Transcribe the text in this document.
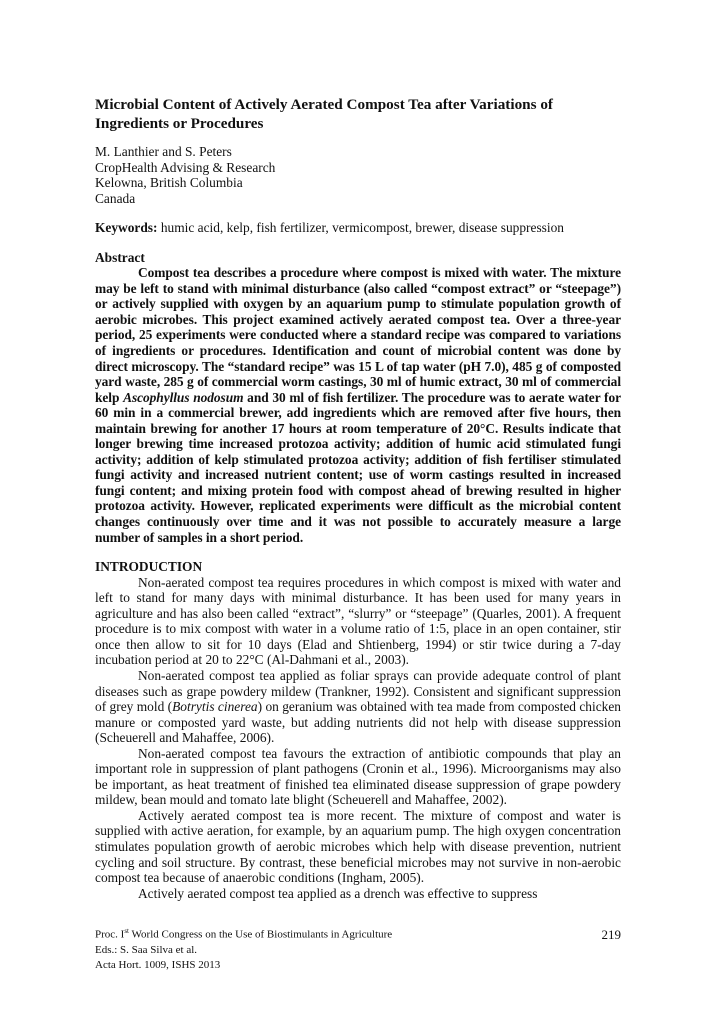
Microbial Content of Actively Aerated Compost Tea after Variations of Ingredients or Procedures

M. Lanthier and S. Peters

CropHealth Advising & Research

Kelowna, British Columbia

Canada

Keywords: humic acid, kelp, fish fertilizer, vermicompost, brewer, disease suppression

Abstract

Compost tea describes a procedure where compost is mixed with water. The mixture may be left to stand with minimal disturbance (also called “compost extract” or “steepage”) or actively supplied with oxygen by an aquarium pump to stimulate population growth of aerobic microbes. This project examined actively aerated compost tea. Over a three-year period, 25 experiments were conducted where a standard recipe was compared to variations of ingredients or procedures. Identification and count of microbial content was done by direct microscopy. The “standard recipe” was 15 L of tap water (pH 7.0), 485 g of composted yard waste, 285 g of commercial worm castings, 30 ml of humic extract, 30 ml of commercial kelp Ascophyllus nodosum and 30 ml of fish fertilizer. The procedure was to aerate water for 60 min in a commercial brewer, add ingredients which are removed after five hours, then maintain brewing for another 17 hours at room temperature of 20°C. Results indicate that longer brewing time increased protozoa activity; addition of humic acid stimulated fungi activity; addition of kelp stimulated protozoa activity; addition of fish fertiliser stimulated fungi activity and increased nutrient content; use of worm castings resulted in increased fungi content; and mixing protein food with compost ahead of brewing resulted in higher protozoa activity. However, replicated experiments were difficult as the microbial content changes continuously over time and it was not possible to accurately measure a large number of samples in a short period.

INTRODUCTION

Non-aerated compost tea requires procedures in which compost is mixed with water and left to stand for many days with minimal disturbance. It has been used for many years in agriculture and has also been called “extract”, “slurry” or “steepage” (Quarles, 2001). A frequent procedure is to mix compost with water in a volume ratio of 1:5, place in an open container, stir once then allow to sit for 10 days (Elad and Shtienberg, 1994) or stir twice during a 7-day incubation period at 20 to 22°C (Al-Dahmani et al., 2003).

Non-aerated compost tea applied as foliar sprays can provide adequate control of plant diseases such as grape powdery mildew (Trankner, 1992). Consistent and significant suppression of grey mold (Botrytis cinerea) on geranium was obtained with tea made from composted chicken manure or composted yard waste, but adding nutrients did not help with disease suppression (Scheuerell and Mahaffee, 2006).

Non-aerated compost tea favours the extraction of antibiotic compounds that play an important role in suppression of plant pathogens (Cronin et al., 1996). Microorganisms may also be important, as heat treatment of finished tea eliminated disease suppression of grape powdery mildew, bean mould and tomato late blight (Scheuerell and Mahaffee, 2002).

Actively aerated compost tea is more recent. The mixture of compost and water is supplied with active aeration, for example, by an aquarium pump. The high oxygen concentration stimulates population growth of aerobic microbes which help with disease prevention, nutrient cycling and soil structure. By contrast, these beneficial microbes may not survive in non-aerobic compost tea because of anaerobic conditions (Ingham, 2005).

Actively aerated compost tea applied as a drench was effective to suppress

Proc. Ist World Congress on the Use of Biostimulants in Agriculture

Eds.: S. Saa Silva et al.

Acta Hort. 1009, ISHS 2013

219
